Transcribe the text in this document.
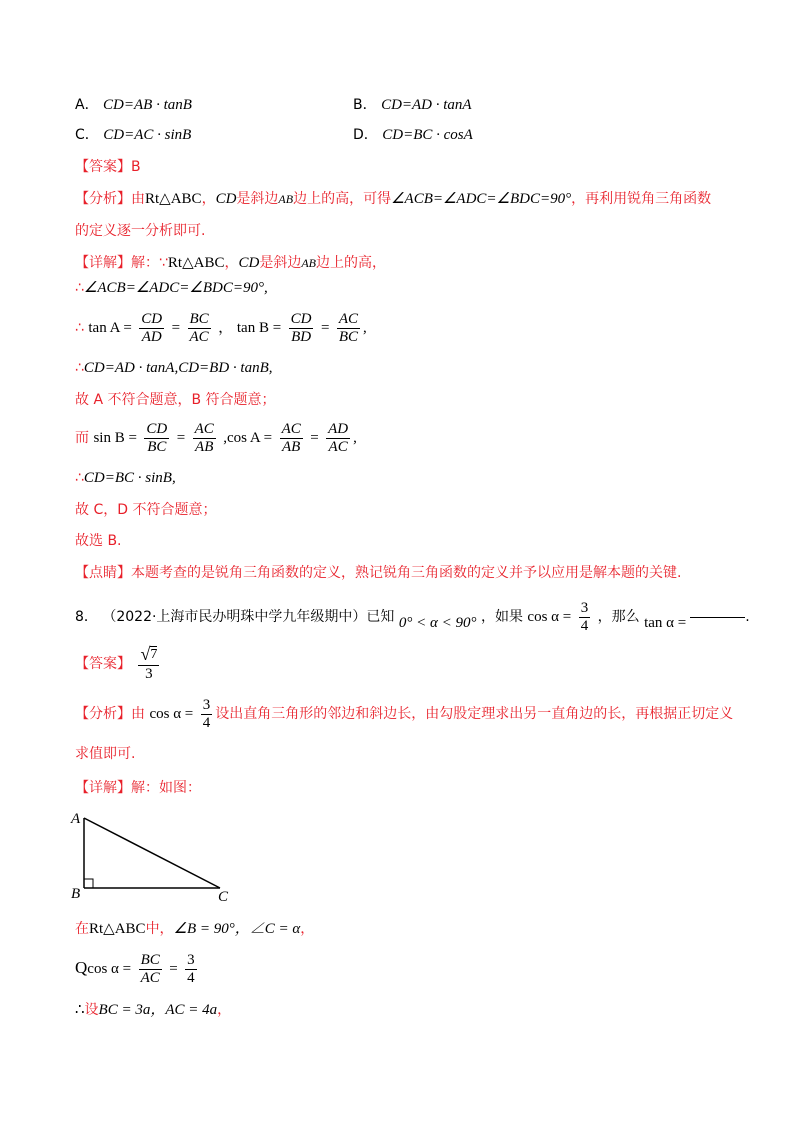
A． CD=AB · tanB	B． CD=AD · tanA
C． CD=AC · sinB	D． CD=BC · cosA
【答案】B
【分析】由Rt△ABC，CD是斜边AB边上的高，可得∠ACB=∠ADC=∠BDC=90°，再利用锐角三角函数
的定义逐一分析即可.
【详解】解：∵Rt△ABC，CD是斜边AB边上的高，
∴∠ACB=∠ADC=∠BDC=90°,
∴ $\tan A = \frac{CD}{AD} = \frac{BC}{AC}$ ， $\tan B = \frac{CD}{BD} = \frac{AC}{BC}$ ,
∴CD=AD · tanA,CD=BD · tanB,
故 A 不符合题意，B 符合题意；
而 $\sin B = \frac{CD}{BC} = \frac{AC}{AB} ,\cos$ $A = \frac{AC}{AB} = \frac{AD}{AC}$ ,
∴CD=BC · sinB,
故 C，D 不符合题意；
故选 B.
【点睛】本题考查的是锐角三角函数的定义，熟记锐角三角函数的定义并予以应用是解本题的关键.
8． （2022·上海市民办明珠中学九年级期中）已知 0° < α < 90° ，如果 $\cos \alpha = \frac{3}{4}$ ，那么 tan α =	.
【答案】 $\frac{√ 7}{3}$
【分析】由 $\cos \alpha = \frac{3}{4}$ 设出直角三角形的邻边和斜边长，由勾股定理求出另一直角边的长，再根据正切定义
求值即可.
【详解】解：如图：
A
B	C
在Rt△ABC中，∠B = 90°，∠C = α，
Qcos $\alpha = \frac{BC}{AC} = \frac{3}{4}$
∴设BC = 3a，AC = 4a，
